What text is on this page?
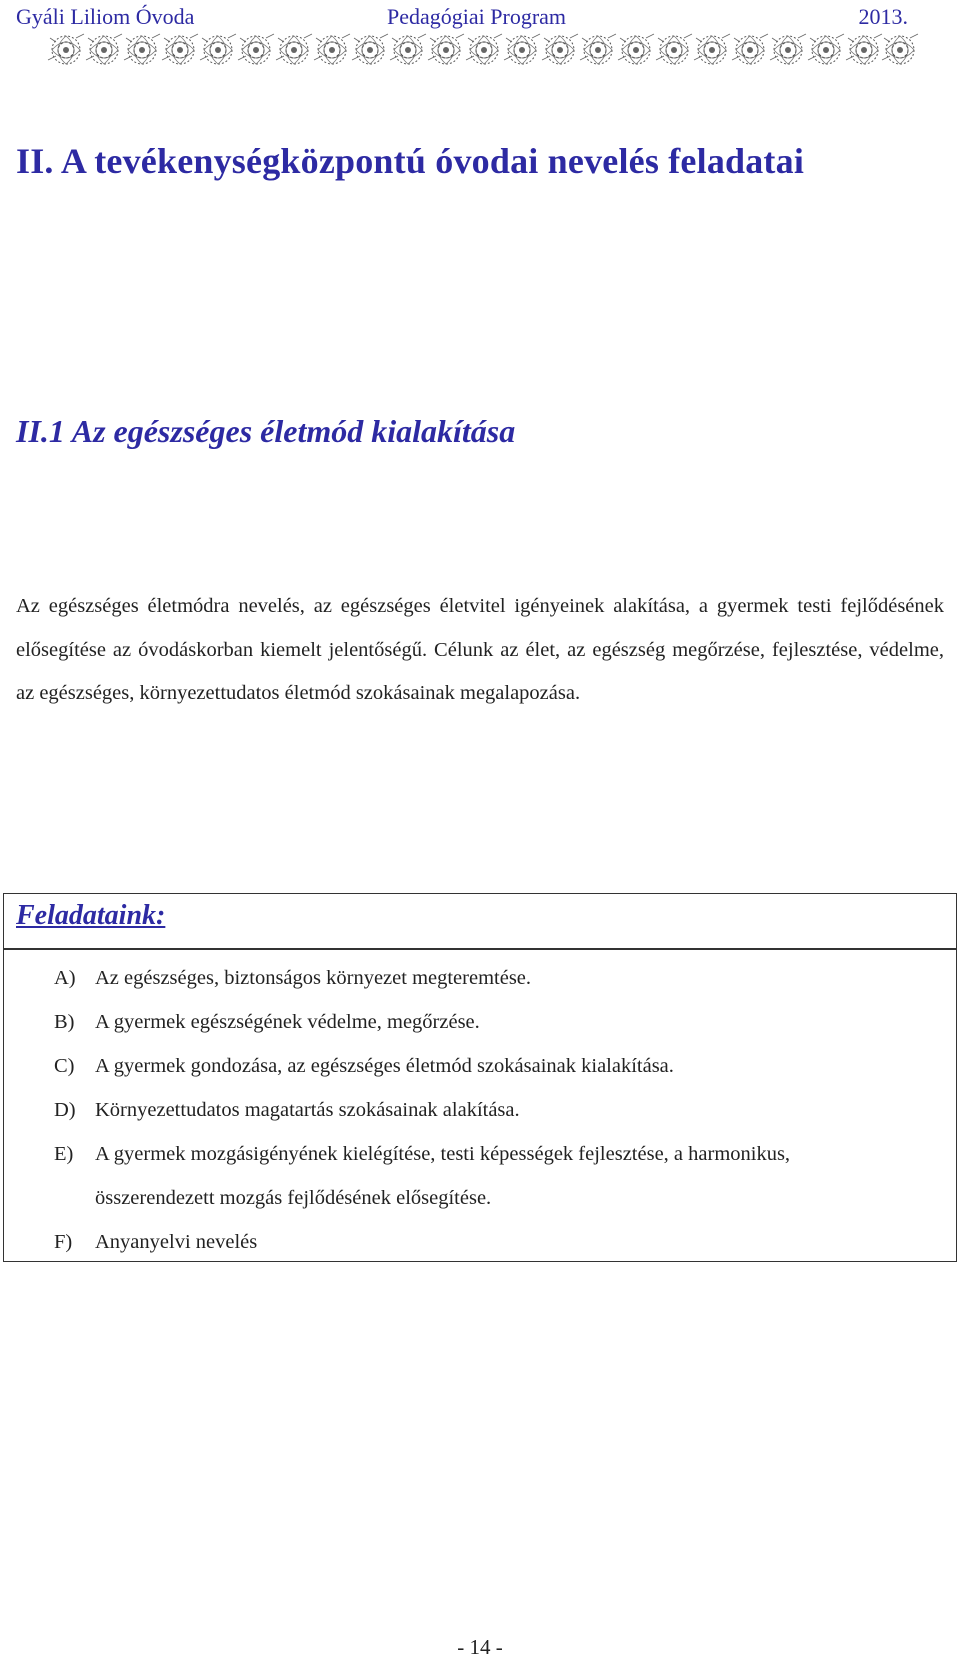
Gyáli Liliom Óvoda	Pedagógiai Program	2013.
II. A tevékenységközpontú óvodai nevelés feladatai
II.1 Az egészséges életmód kialakítása

Az egészséges életmódra nevelés, az egészséges életvitel igényeinek alakítása, a gyermek testi fejlődésének elősegítése az óvodáskorban kiemelt jelentőségű. Célunk az élet, az egészség megőrzése, fejlesztése, védelme, az egészséges, környezettudatos életmód szokásainak megalapozása.

Feladataink:
A) Az egészséges, biztonságos környezet megteremtése.
B) A gyermek egészségének védelme, megőrzése.
C) A gyermek gondozása, az egészséges életmód szokásainak kialakítása.
D) Környezettudatos magatartás szokásainak alakítása.
E) A gyermek mozgásigényének kielégítése, testi képességek fejlesztése, a harmonikus, összerendezett mozgás fejlődésének elősegítése.
F) Anyanyelvi nevelés
- 14 -
